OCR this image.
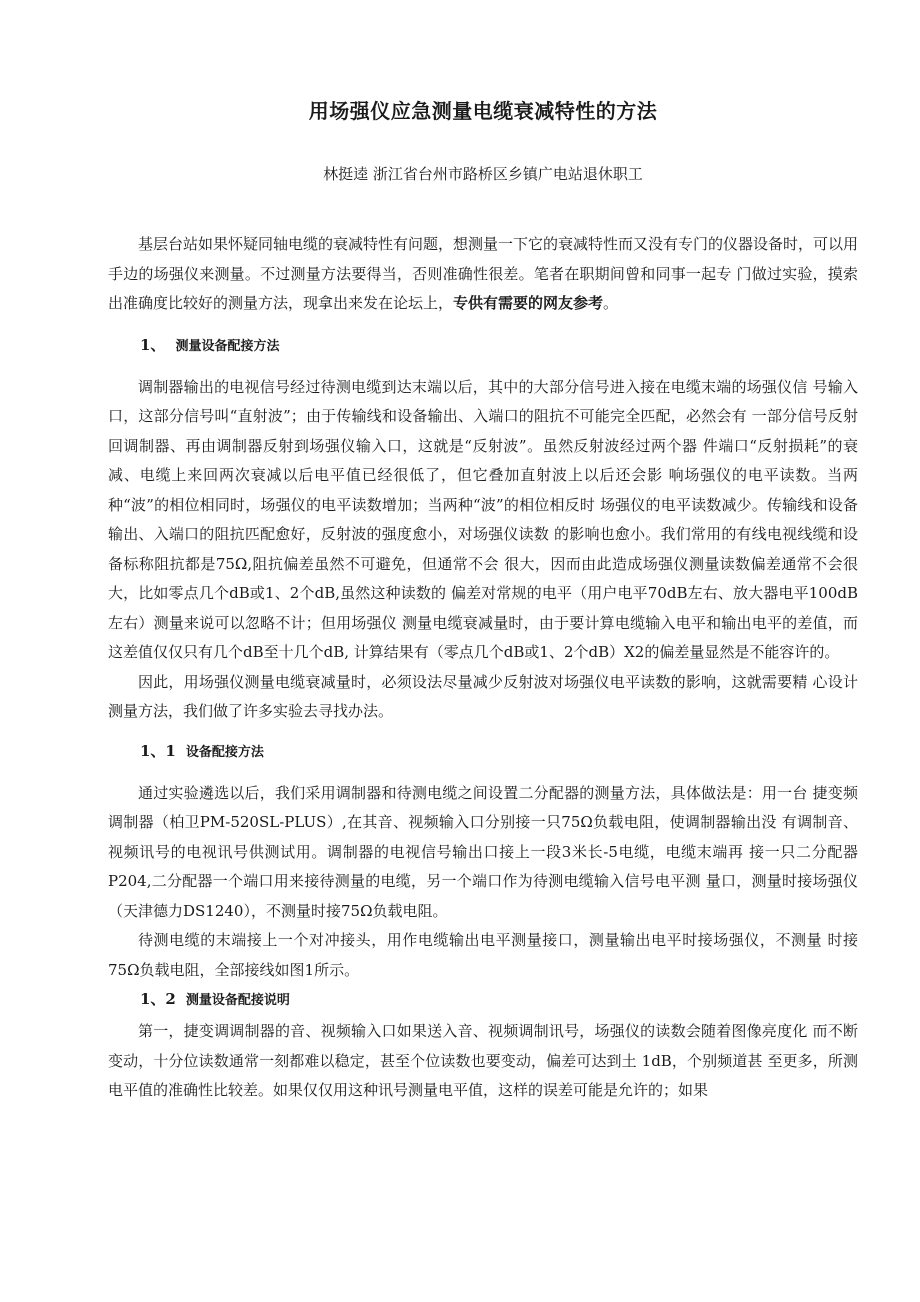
用场强仪应急测量电缆衰减特性的方法
林挺逵 浙江省台州市路桥区乡镇广电站退休职工

基层台站如果怀疑同轴电缆的衰减特性有问题，想测量一下它的衰减特性而又没有专门的仪器设备时，可以用手边的场强仪来测量。不过测量方法要得当，否则准确性很差。笔者在职期间曾和同事一起专 门做过实验，摸索出准确度比较好的测量方法，现拿出来发在论坛上，专供有需要的网友参考。

1、 测量设备配接方法

调制器输出的电视信号经过待测电缆到达末端以后，其中的大部分信号进入接在电缆末端的场强仪信 号输入口，这部分信号叫“直射波”；由于传输线和设备输出、入端口的阻抗不可能完全匹配，必然会有 一部分信号反射回调制器、再由调制器反射到场强仪输入口，这就是“反射波”。虽然反射波经过两个器 件端口“反射损耗”的衰减、电缆上来回两次衰减以后电平值已经很低了，但它叠加直射波上以后还会影 响场强仪的电平读数。当两种“波”的相位相同时，场强仪的电平读数增加；当两种“波”的相位相反时 场强仪的电平读数减少。传输线和设备输出、入端口的阻抗匹配愈好，反射波的强度愈小，对场强仪读数 的影响也愈小。我们常用的有线电视线缆和设备标称阻抗都是75Ω,阻抗偏差虽然不可避免，但通常不会 很大，因而由此造成场强仪测量读数偏差通常不会很大，比如零点几个dB或1、2个dB,虽然这种读数的 偏差对常规的电平（用户电平70dB左右、放大器电平100dB左右）测量来说可以忽略不计；但用场强仪 测量电缆衰减量时，由于要计算电缆输入电平和输出电平的差值，而这差值仅仅只有几个dB至十几个dB, 计算结果有（零点几个dB或1、2个dB）X2的偏差量显然是不能容许的。

因此，用场强仪测量电缆衰减量时，必须设法尽量减少反射波对场强仪电平读数的影响，这就需要精 心设计测量方法，我们做了许多实验去寻找办法。

1、1 设备配接方法

通过实验遴选以后，我们采用调制器和待测电缆之间设置二分配器的测量方法，具体做法是：用一台 捷变频调制器（柏卫PM-520SL-PLUS）,在其音、视频输入口分别接一只75Ω负载电阻，使调制器输出没 有调制音、视频讯号的电视讯号供测试用。调制器的电视信号输出口接上一段3米长-5电缆，电缆末端再 接一只二分配器P204,二分配器一个端口用来接待测量的电缆，另一个端口作为待测电缆输入信号电平测 量口，测量时接场强仪（天津德力DS1240），不测量时接75Ω负载电阻。

待测电缆的末端接上一个对冲接头，用作电缆输出电平测量接口，测量输出电平时接场强仪，不测量 时接75Ω负载电阻，全部接线如图1所示。

1、2 测量设备配接说明

第一，捷变调调制器的音、视频输入口如果送入音、视频调制讯号，场强仪的读数会随着图像亮度化 而不断变动，十分位读数通常一刻都难以稳定，甚至个位读数也要变动，偏差可达到土 1dB，个别频道甚 至更多，所测电平值的准确性比较差。如果仅仅用这种讯号测量电平值，这样的误差可能是允许的；如果
